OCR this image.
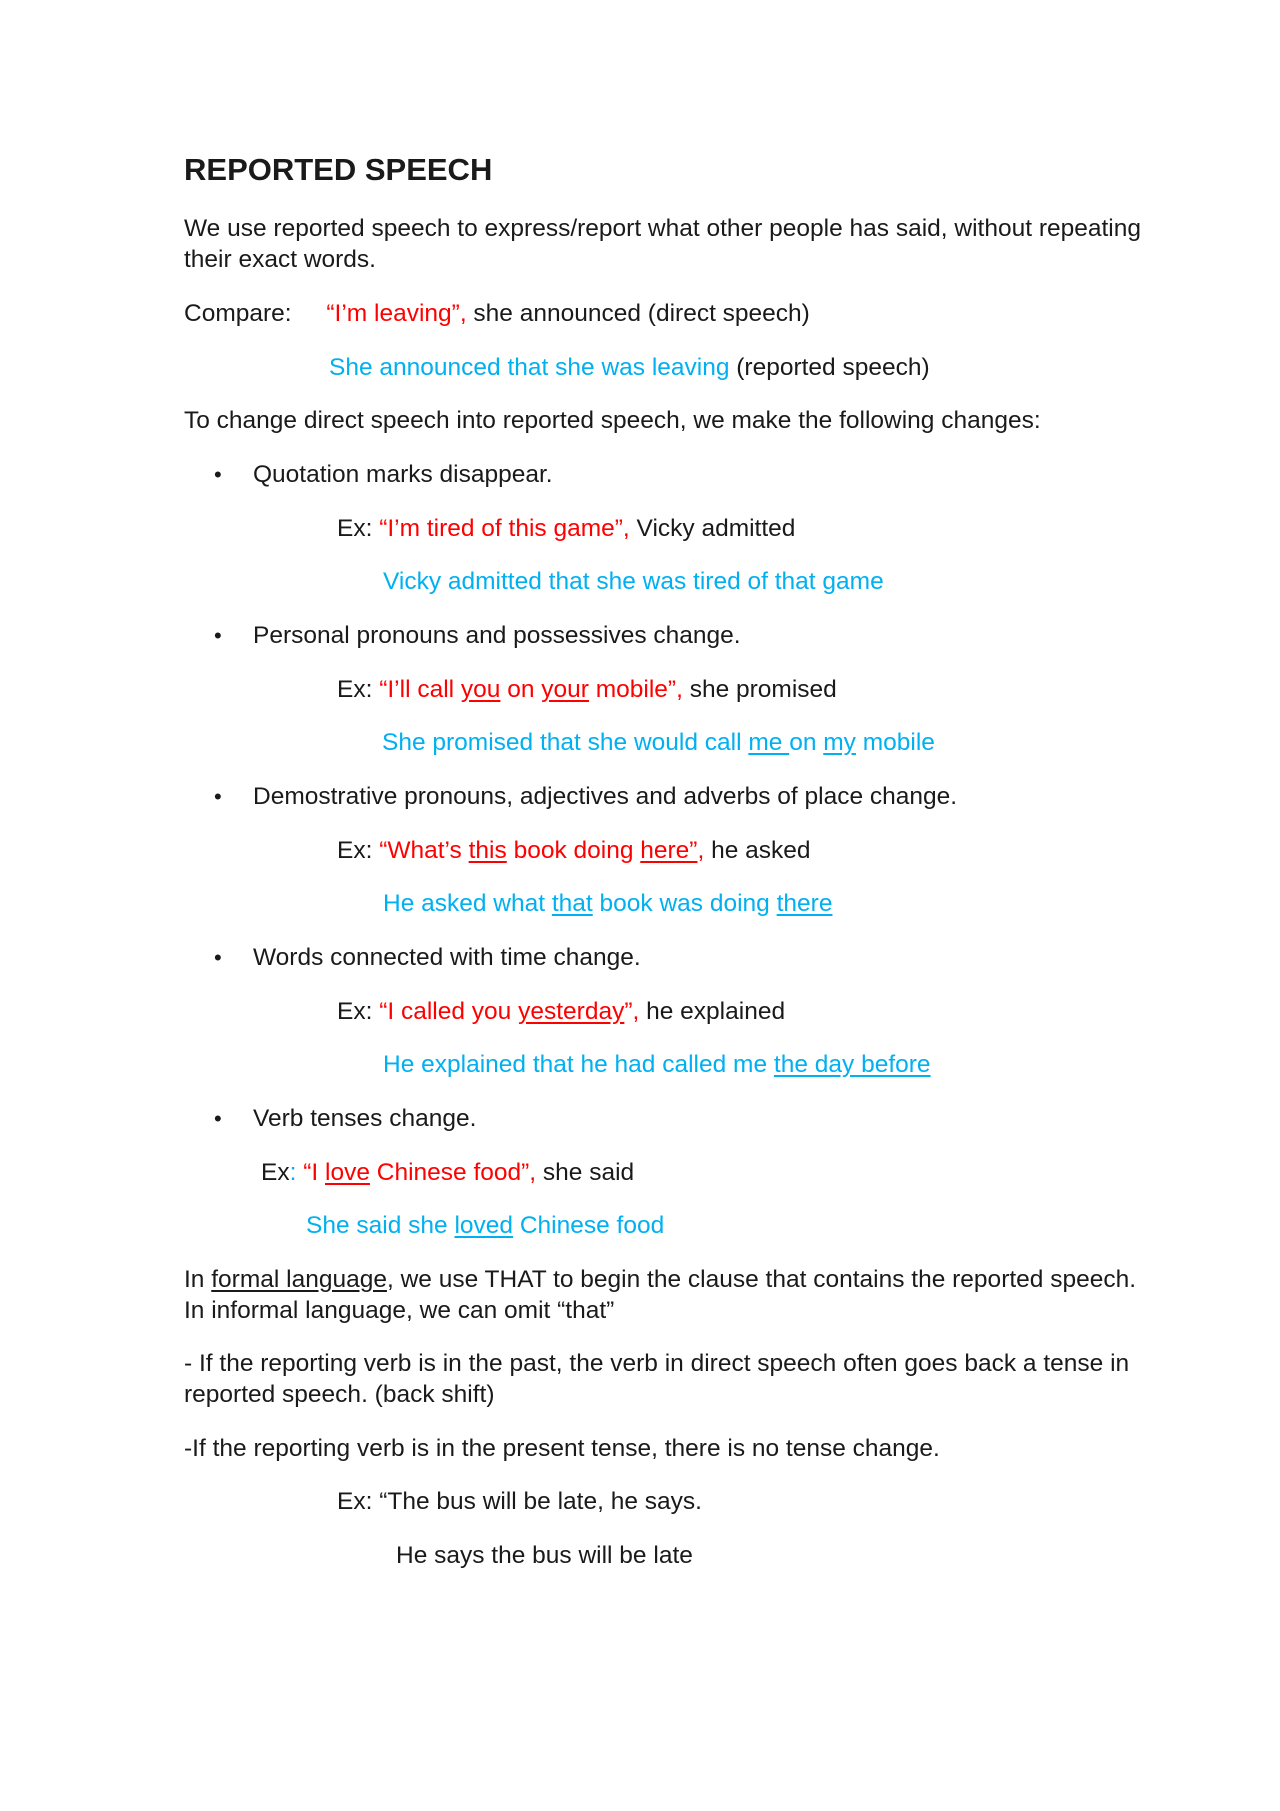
REPORTED SPEECH
We use reported speech to express/report what other people has said, without repeating
their exact words.
Compare: “I’m leaving”, she announced (direct speech)
She announced that she was leaving (reported speech)
To change direct speech into reported speech, we make the following changes:
• Quotation marks disappear.
Ex: “I’m tired of this game”, Vicky admitted
Vicky admitted that she was tired of that game
• Personal pronouns and possessives change.
Ex: “I’ll call you on your mobile”, she promised
She promised that she would call me on my mobile
• Demostrative pronouns, adjectives and adverbs of place change.
Ex: “What’s this book doing here”, he asked
He asked what that book was doing there
• Words connected with time change.
Ex: “I called you yesterday”, he explained
He explained that he had called me the day before
• Verb tenses change.
Ex: “I love Chinese food”, she said
She said she loved Chinese food
In formal language, we use THAT to begin the clause that contains the reported speech.
In informal language, we can omit “that”
- If the reporting verb is in the past, the verb in direct speech often goes back a tense in
reported speech. (back shift)
-If the reporting verb is in the present tense, there is no tense change.
Ex: “The bus will be late, he says.
He says the bus will be late
